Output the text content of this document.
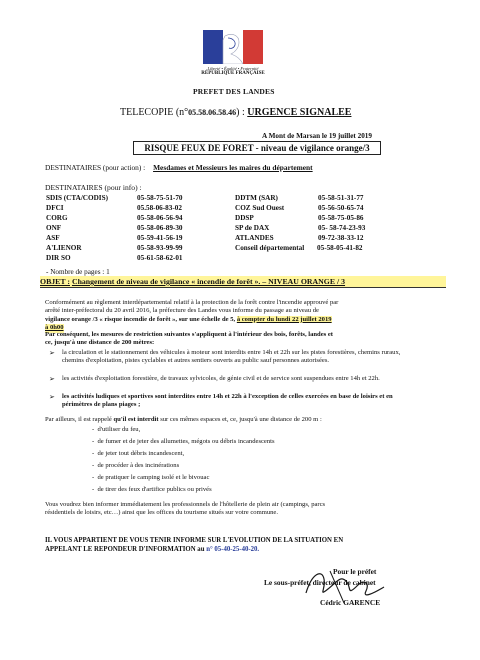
Liberté • Égalité • Fraternité
RÉPUBLIQUE FRANÇAISE
PREFET DES LANDES
TELECOPIE (n°05.58.06.58.46) : URGENCE SIGNALEE
A Mont de Marsan le 19 juillet 2019
RISQUE FEUX DE FORET - niveau de vigilance orange/3
DESTINATAIRES (pour action) : Mesdames et Messieurs les maires du département
DESTINATAIRES (pour info) :
SDIS (CTA/CODIS)	05-58-75-51-70
DFCI	05.58-06-83-02
CORG	05-58-06-56-94
ONF	05-58-06-89-30
ASF	05-59-41-56-19
A'LIENOR	05-58-93-99-99
DIR SO	05-61-58-62-01
DDTM (SAR)	05-58-51-31-77
COZ Sud Ouest	05-56-50-65-74
DDSP	05-58-75-05-86
SP de DAX	05- 58-74-23-93
ATLANDES	09-72-38-33-12
Conseil départemental 05-58-05-41-82
- Nombre de pages : 1
OBJET : Changement de niveau de vigilance « incendie de forêt ». – NIVEAU ORANGE / 3
Conformément au règlement interdépartemental relatif à la protection de la forêt contre l'incendie approuvé par
arrêté inter-préfectoral du 20 avril 2016, la préfecture des Landes vous informe du passage au niveau de
vigilance orange /3 « risque incendie de forêt », sur une échelle de 5, à compter du lundi 22 juillet 2019
à 0h00
Par conséquent, les mesures de restriction suivantes s'appliquent à l'intérieur des bois, forêts, landes et
ce, jusqu'à une distance de 200 mètres:
➢ la circulation et le stationnement des véhicules à moteur sont interdits entre 14h et 22h sur les pistes forestières, chemins ruraux, chemins d'exploitation, pistes cyclables et autres sentiers ouverts au public sauf personnes autorisées.
➢ les activités d'exploitation forestière, de travaux sylvicoles, de génie civil et de service sont suspendues entre 14h et 22h.
➢ les activités ludiques et sportives sont interdites entre 14h et 22h à l'exception de celles exercées en base de loisirs et en périmètres de plans piages ;
Par ailleurs, il est rappelé qu'il est interdit sur ces mêmes espaces et, ce, jusqu'à une distance de 200 m :
-  d'utiliser du feu,
-  de fumer et de jeter des allumettes, mégots ou débris incandescents
-  de jeter tout débris incandescent,
-  de procéder à des incinérations
-  de pratiquer le camping isolé et le bivouac
-  de tirer des feux d'artifice publics ou privés
Vous voudrez bien informer immédiatement les professionnels de l'hôtellerie de plein air (campings, parcs
résidentiels de loisirs, etc…) ainsi que les offices du tourisme situés sur votre commune.
IL VOUS APPARTIENT DE VOUS TENIR INFORME SUR L'EVOLUTION DE LA SITUATION EN
APPELANT LE REPONDEUR D'INFORMATION au n° 05-40-25-40-20.
Pour le préfet
Le sous-préfet, directeur de cabinet
Cédric GARENCE
